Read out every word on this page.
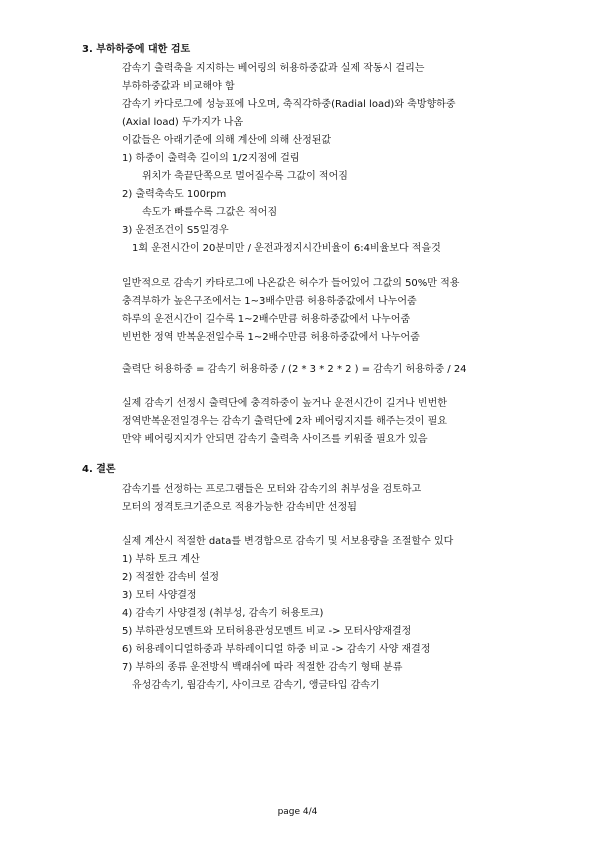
3. 부하하중에 대한 검토
감속기 출력축을 지지하는 베어링의 허용하중값과 실제 작동시 걸리는
부하하중값과 비교해야 함
감속기 카다로그에 성능표에 나오며, 축직각하중(Radial load)와 축방향하중
(Axial load) 두가지가 나옴
이값들은 아래기준에 의해 계산에 의해 산정된값
1) 하중이 출력축 길이의 1/2지점에 걸림
위치가 축끝단쪽으로 멀어질수록 그값이 적어짐
2) 출력축속도 100rpm
속도가 빠를수록 그값은 적어짐
3) 운전조건이 S5일경우
1회 운전시간이 20분미만 / 운전과정지시간비율이 6:4비율보다 적을것
일반적으로 감속기 카타로그에 나온값은 허수가 들어있어 그값의 50%만 적용
충격부하가 높은구조에서는 1~3배수만큼 허용하중값에서 나누어줌
하루의 운전시간이 길수록 1~2배수만큼 허용하중값에서 나누어줌
빈번한 정역 반복운전일수록 1~2배수만큼 허용하중값에서 나누어줌
출력단 허용하중 = 감속기 허용하중 / (2 * 3 * 2 * 2 ) = 감속기 허용하중 / 24
실제 감속기 선정시 출력단에 충격하중이 높거나 운전시간이 길거나 빈번한
정역반복운전일경우는 감속기 출력단에 2차 베어링지지를 해주는것이 필요
만약 베어링지지가 안되면 감속기 출력축 사이즈를 키워줄 필요가 있음
4. 결론
감속기를 선정하는 프로그램들은 모터와 감속기의 취부성을 검토하고
모터의 정격토크기준으로 적용가능한 감속비만 선정됨
실제 계산시 적절한 data를 변경함으로 감속기 및 서보용량을 조절할수 있다
1) 부하 토크 계산
2) 적절한 감속비 설정
3) 모터 사양결정
4) 감속기 사양결정 (취부성, 감속기 허용토크)
5) 부하관성모멘트와 모터허용관성모멘트 비교 -> 모터사양재결정
6) 허용레이디얼하중과 부하레이디얼 하중 비교 -> 감속기 사양 재결정
7) 부하의 종류 운전방식 백래쉬에 따라 적절한 감속기 형태 분류
유성감속기, 웜감속기, 사이크로 감속기, 앵글타입 감속기
page 4/4
